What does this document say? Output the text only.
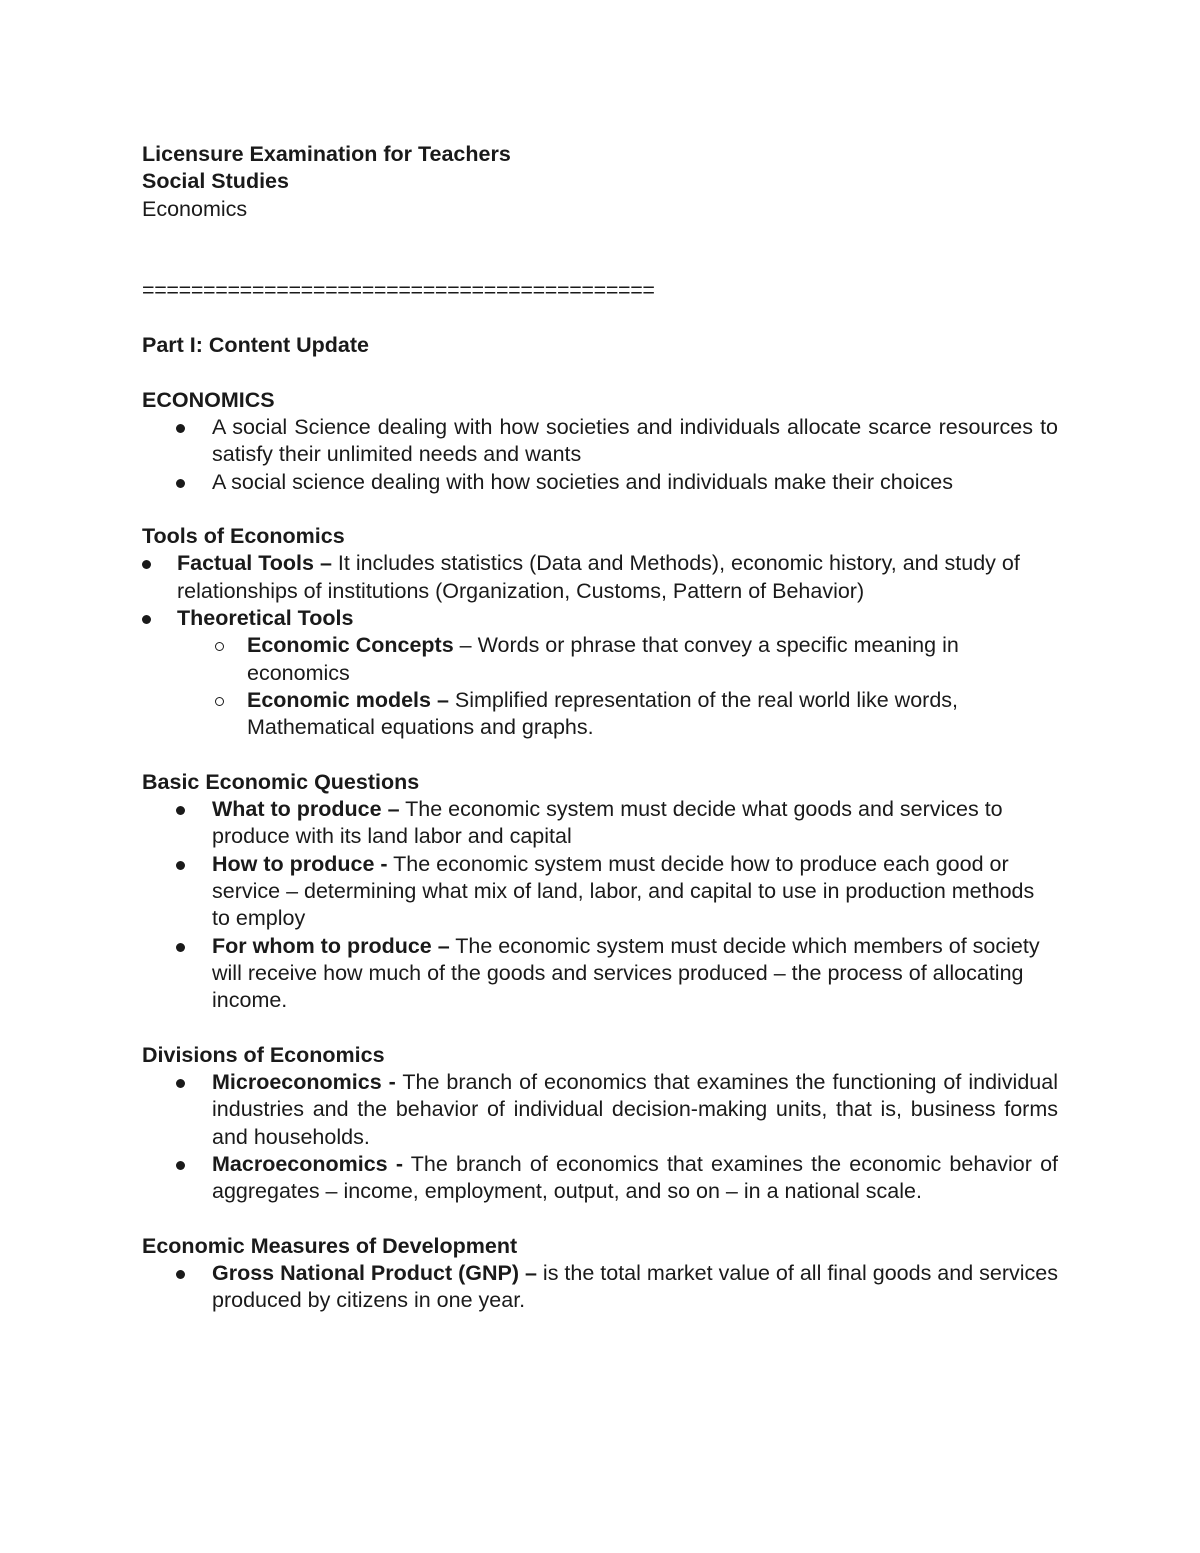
Licensure Examination for Teachers
Social Studies
Economics
==========================================
Part I: Content Update
ECONOMICS
A social Science dealing with how societies and individuals allocate scarce resources to satisfy their unlimited needs and wants
A social science dealing with how societies and individuals make their choices
Tools of Economics
Factual Tools – It includes statistics (Data and Methods), economic history, and study of relationships of institutions (Organization, Customs, Pattern of Behavior)
Theoretical Tools
Economic Concepts – Words or phrase that convey a specific meaning in economics
Economic models – Simplified representation of the real world like words, Mathematical equations and graphs.
Basic Economic Questions
What to produce – The economic system must decide what goods and services to produce with its land labor and capital
How to produce - The economic system must decide how to produce each good or service – determining what mix of land, labor, and capital to use in production methods to employ
For whom to produce – The economic system must decide which members of society will receive how much of the goods and services produced – the process of allocating income.
Divisions of Economics
Microeconomics - The branch of economics that examines the functioning of individual industries and the behavior of individual decision-making units, that is, business forms and households.
Macroeconomics - The branch of economics that examines the economic behavior of aggregates – income, employment, output, and so on – in a national scale.
Economic Measures of Development
Gross National Product (GNP) – is the total market value of all final goods and services produced by citizens in one year.
